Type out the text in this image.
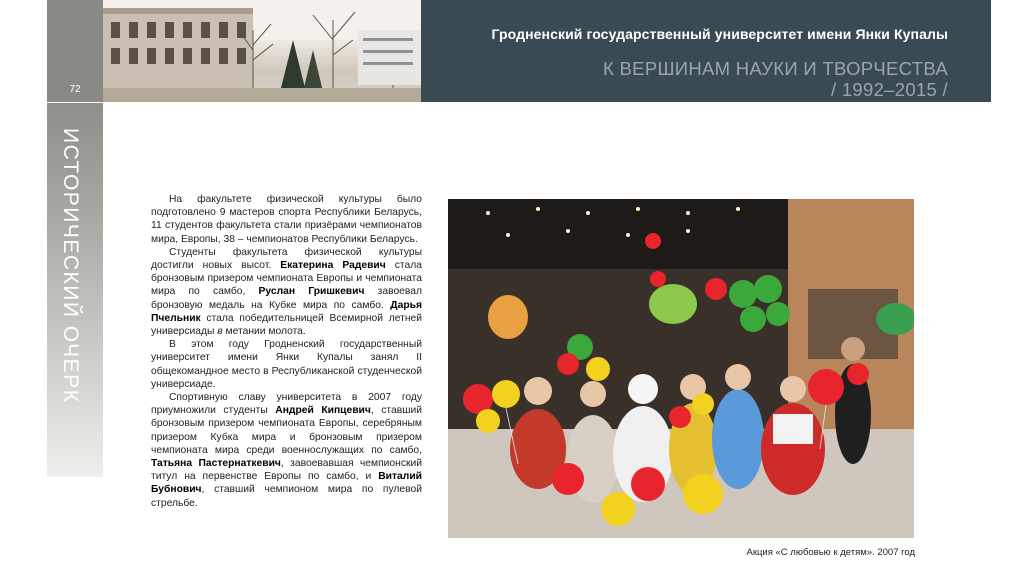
72
Гродненский государственный университет имени Янки Купалы
К ВЕРШИНАМ НАУКИ И ТВОРЧЕСТВА
/ 1992–2015 /
ИСТОРИЧЕСКИЙ ОЧЕРК	На факультете физической культуры было подготовлено 9 мастеров спорта Республики Беларусь, 11 студентов факультета стали призёрами чемпионатов мира, Европы, 38 – чемпионатов Республики Беларусь.

Студенты факультета физической культуры достигли новых высот. Екатерина Радевич стала бронзовым призером чемпионата Европы и чемпионата мира по самбо, Руслан Гришкевич завоевал бронзовую медаль на Кубке мира по самбо. Дарья Пчельник стала победительницей Всемирной летней универсиады в метании молота.

В этом году Гродненский государственный университет имени Янки Купалы занял II общекомандное место в Республиканской студенческой универсиаде.

Спортивную славу университета в 2007 году приумножили студенты Андрей Кипцевич, ставший бронзовым призером чемпионата Европы, серебряным призером Кубка мира и бронзовым призером чемпионата мира среди военнослужащих по самбо, Татьяна Пастернаткевич, завоевавшая чемпионский титул на первенстве Европы по самбо, и Виталий Бубнович, ставший чемпионом мира по пулевой стрельбе.

Акция «С любовью к детям». 2007 год
